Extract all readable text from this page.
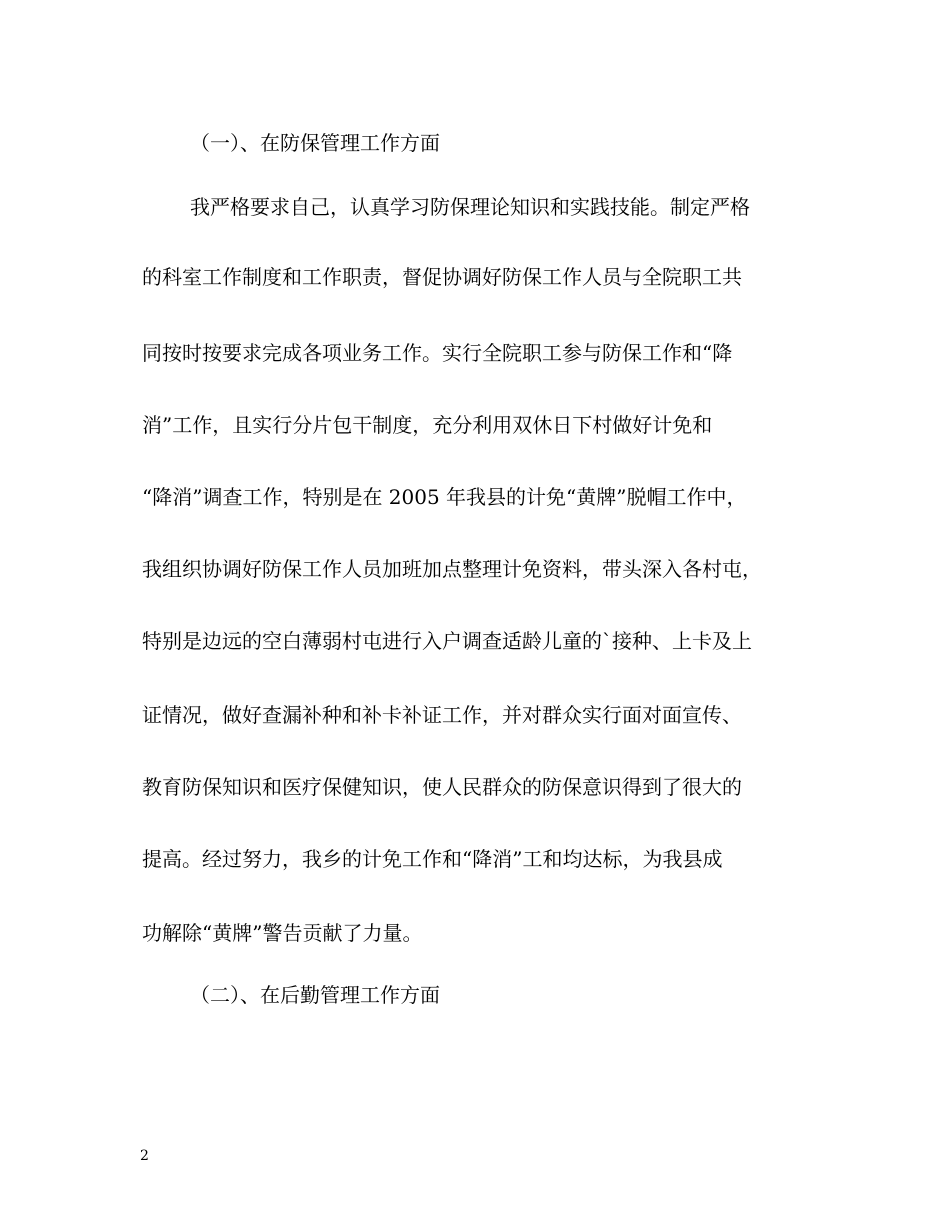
（一）、在防保管理工作方面
我严格要求自己，认真学习防保理论知识和实践技能。制定严格
的科室工作制度和工作职责，督促协调好防保工作人员与全院职工共
同按时按要求完成各项业务工作。实行全院职工参与防保工作和“降
消”工作，且实行分片包干制度，充分利用双休日下村做好计免和
“降消”调查工作，特别是在 2005 年我县的计免“黄牌”脱帽工作中，
我组织协调好防保工作人员加班加点整理计免资料，带头深入各村屯，
特别是边远的空白薄弱村屯进行入户调查适龄儿童的`接种、上卡及上
证情况，做好查漏补种和补卡补证工作，并对群众实行面对面宣传、
教育防保知识和医疗保健知识，使人民群众的防保意识得到了很大的
提高。经过努力，我乡的计免工作和“降消”工和均达标，为我县成
功解除“黄牌”警告贡献了力量。
（二）、在后勤管理工作方面
2
